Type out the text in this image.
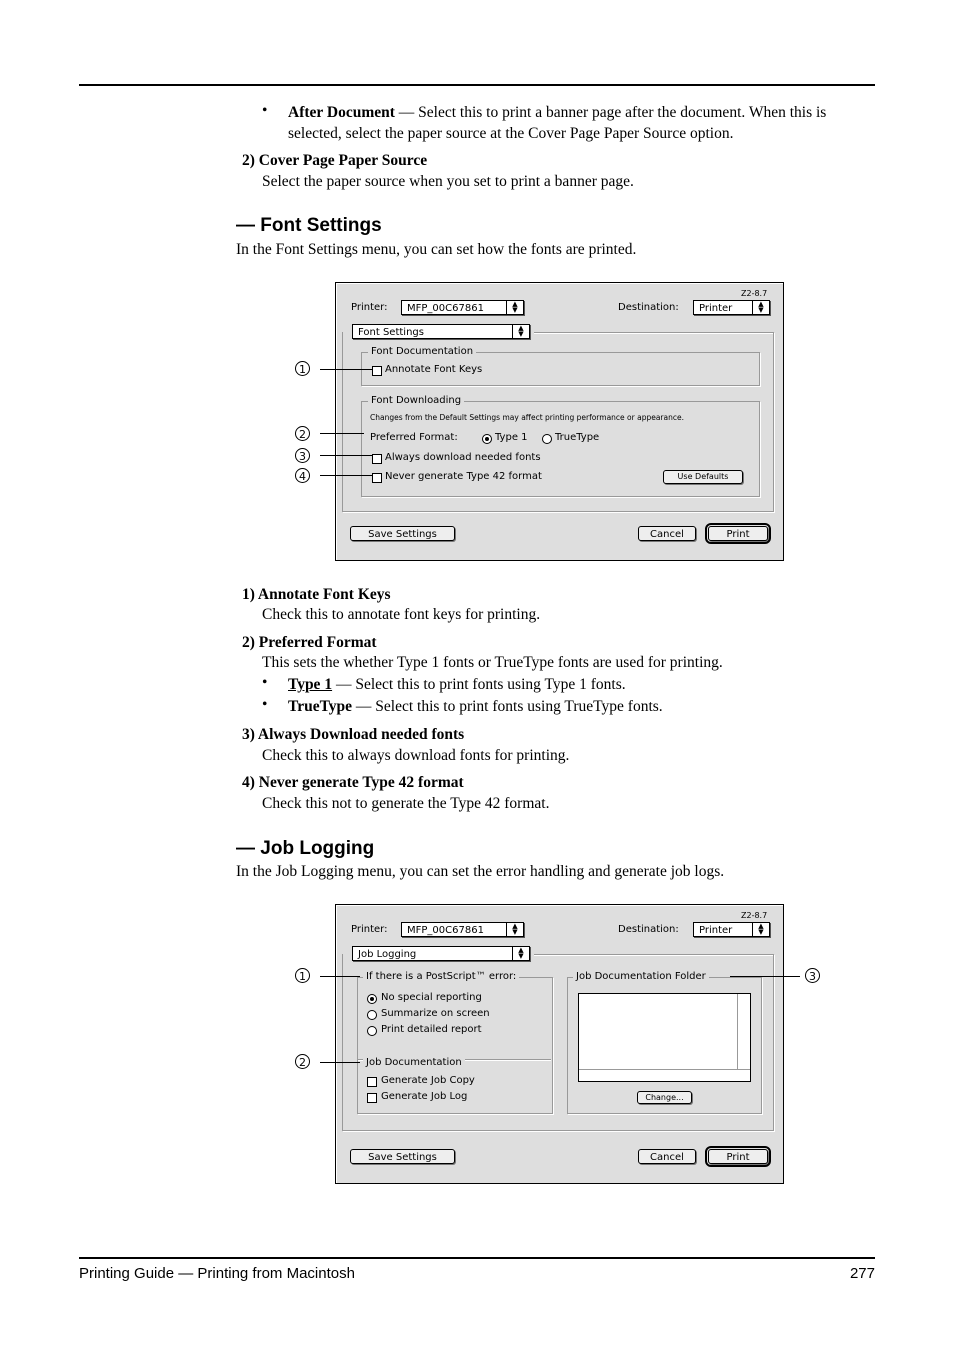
• After Document — Select this to print a banner page after the document. When this is
selected, select the paper source at the Cover Page Paper Source option.
2) Cover Page Paper Source
Select the paper source when you set to print a banner page.
— Font Settings
In the Font Settings menu, you can set how the fonts are printed.
Z2-8.7
Printer:	MFP_00C67861	▲
▼	Destination:	Printer	▲
▼
Font Settings	▲
▼
Font Documentation
Annotate Font Keys
Font Downloading
Changes from the Default Settings may affect printing performance or appearance.
Preferred Format:	Type 1	TrueType
Always download needed fonts
Never generate Type 42 format	Use Defaults
Save Settings	Cancel	Print
1
2
3
4
1) Annotate Font Keys
Check this to annotate font keys for printing.
2) Preferred Format
This sets the whether Type 1 fonts or TrueType fonts are used for printing.
• Type 1 — Select this to print fonts using Type 1 fonts.
• TrueType — Select this to print fonts using TrueType fonts.
3) Always Download needed fonts
Check this to always download fonts for printing.
4) Never generate Type 42 format
Check this not to generate the Type 42 format.
— Job Logging
In the Job Logging menu, you can set the error handling and generate job logs.
Z2-8.7
Printer:	MFP_00C67861	▲
▼	Destination:	Printer	▲
▼
Job Logging	▲
▼
If there is a PostScript™ error:
No special reporting
Summarize on screen
Print detailed report
Job Documentation
Generate Job Copy
Generate Job Log
Job Documentation Folder
Change...
Save Settings	Cancel	Print
1
2
3
Printing Guide — Printing from Macintosh	277
